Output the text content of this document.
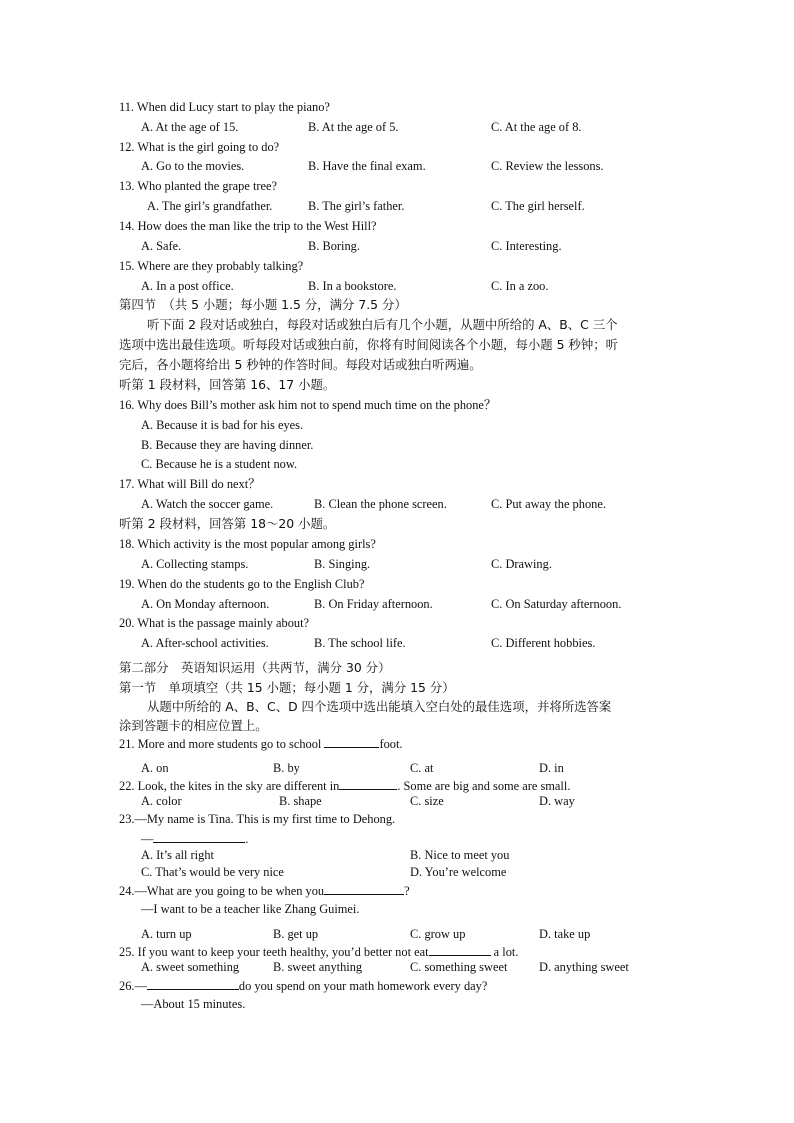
11. When did Lucy start to play the piano?
A. At the age of 15.	B. At the age of 5.	C. At the age of 8.
12. What is the girl going to do?
A. Go to the movies.	B. Have the final exam.	C. Review the lessons.
13. Who planted the grape tree?
A. The girl’s grandfather.	B. The girl’s father.	C. The girl herself.
14. How does the man like the trip to the West Hill?
A. Safe.	B. Boring.	C. Interesting.
15. Where are they probably talking?
A. In a post office.	B. In a bookstore.	C. In a zoo.
第四节　（共 5 小题；每小题 1.5 分，满分 7.5 分）
听下面 2 段对话或独白，每段对话或独白后有几个小题，从题中所给的 A、B、C 三个
选项中选出最佳选项。听每段对话或独白前，你将有时间阅读各个小题，每小题 5 秒钟；听
完后，各小题将给出 5 秒钟的作答时间。每段对话或独白听两遍。
听第 1 段材料，回答第 16、17 小题。
16. Why does Bill’s mother ask him not to spend much time on the phone？
A. Because it is bad for his eyes.
B. Because they are having dinner.
C. Because he is a student now.
17. What will Bill do next？
A. Watch the soccer game.	B. Clean the phone screen.	C. Put away the phone.
听第 2 段材料，回答第 18～20 小题。
18. Which activity is the most popular among girls?
A. Collecting stamps.	B. Singing.	C. Drawing.
19. When do the students go to the English Club?
A. On Monday afternoon.	B. On Friday afternoon.	C. On Saturday afternoon.
20. What is the passage mainly about?
A. After-school activities.	B. The school life.	C. Different hobbies.
第二部分　英语知识运用（共两节，满分 30 分）
第一节　单项填空（共 15 小题；每小题 1 分，满分 15 分）
从题中所给的 A、B、C、D 四个选项中选出能填入空白处的最佳选项，并将所选答案
涂到答题卡的相应位置上。
21. More and more students go to school	foot.
A. on	B. by	C. at	D. in
22. Look, the kites in the sky are different in	. Some are big and some are small.
A. color	B. shape	C. size	D. way
23.—My name is Tina. This is my first time to Dehong.
—	.
A. It’s all right	B. Nice to meet you
C. That’s would be very nice	D. You’re welcome
24.—What are you going to be when you	?
—I want to be a teacher like Zhang Guimei.
A. turn up	B. get up	C. grow up	D. take up
25. If you want to keep your teeth healthy, you’d better not eat	a lot.
A. sweet something	B. sweet anything	C. something sweet	D. anything sweet
26.—	do you spend on your math homework every day?
—About 15 minutes.
